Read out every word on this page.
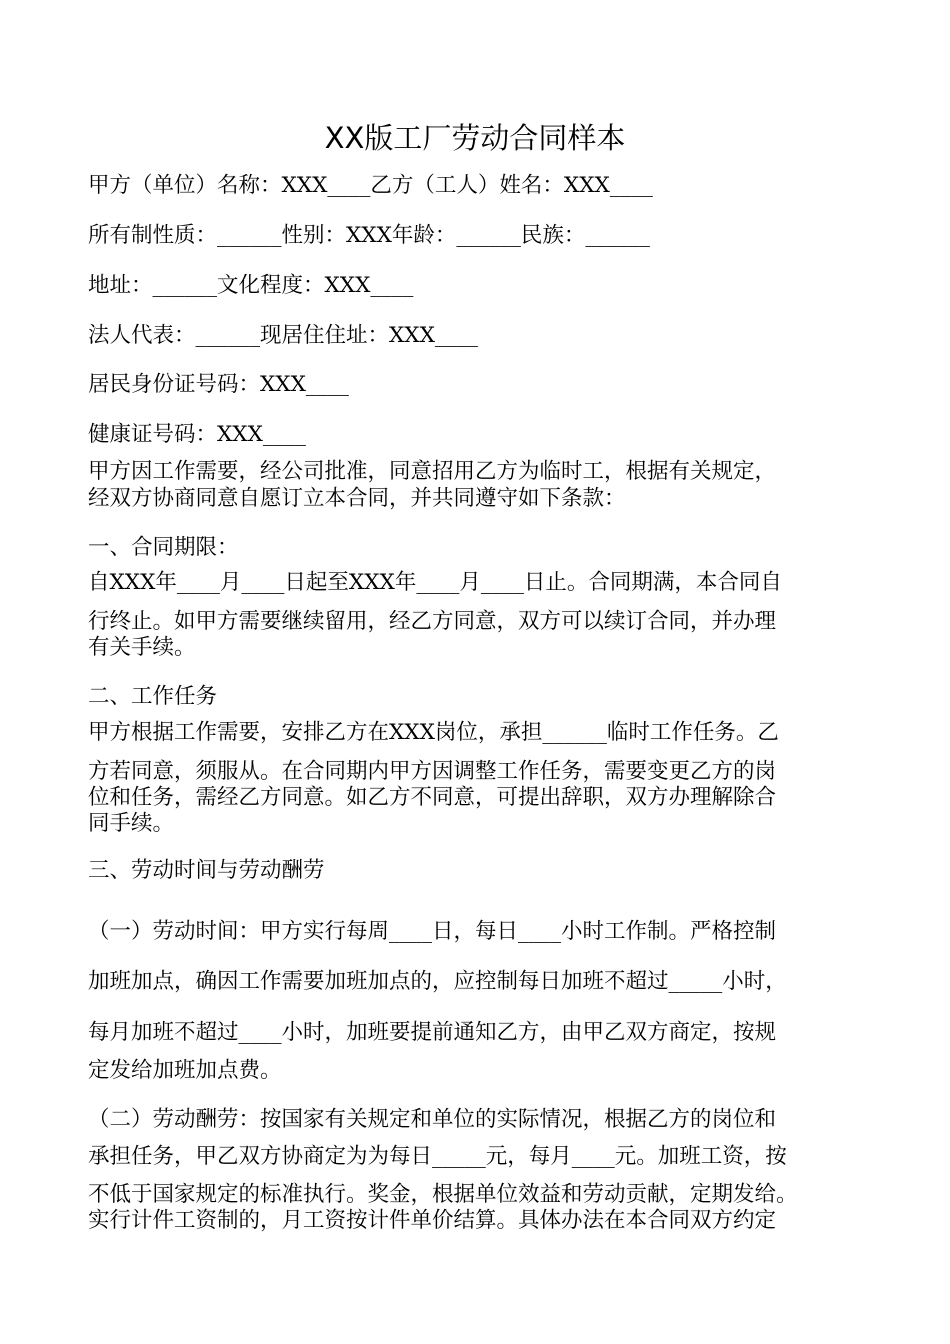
XX版工厂劳动合同样本
甲方（单位）名称：XXX____乙方（工人）姓名：XXX____
所有制性质：______性别：XXX年龄：______民族：______
地址：______文化程度：XXX____
法人代表：______现居住住址：XXX____
居民身份证号码：XXX____
健康证号码：XXX____
甲方因工作需要，经公司批准，同意招用乙方为临时工，根据有关规定，
经双方协商同意自愿订立本合同，并共同遵守如下条款：
一、合同期限：
自XXX年____月____日起至XXX年____月____日止。合同期满，本合同自
行终止。如甲方需要继续留用，经乙方同意，双方可以续订合同，并办理
有关手续。
二、工作任务
甲方根据工作需要，安排乙方在XXX岗位，承担______临时工作任务。乙
方若同意，须服从。在合同期内甲方因调整工作任务，需要变更乙方的岗
位和任务，需经乙方同意。如乙方不同意，可提出辞职，双方办理解除合
同手续。
三、劳动时间与劳动酬劳
（一）劳动时间：甲方实行每周____日，每日____小时工作制。严格控制
加班加点，确因工作需要加班加点的，应控制每日加班不超过_____小时，
每月加班不超过____小时，加班要提前通知乙方，由甲乙双方商定，按规
定发给加班加点费。
（二）劳动酬劳：按国家有关规定和单位的实际情况，根据乙方的岗位和
承担任务，甲乙双方协商定为为每日_____元，每月____元。加班工资，按
不低于国家规定的标准执行。奖金，根据单位效益和劳动贡献，定期发给。
实行计件工资制的，月工资按计件单价结算。具体办法在本合同双方约定
